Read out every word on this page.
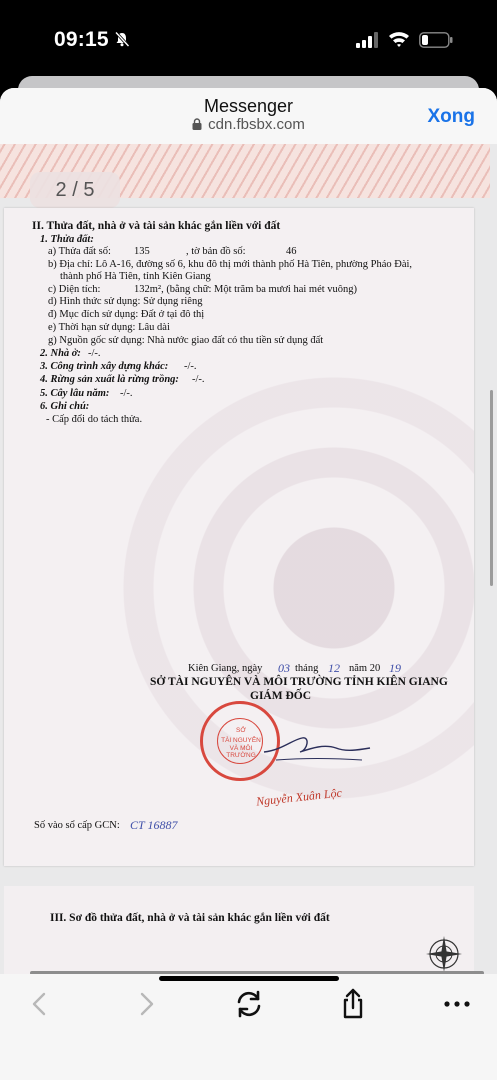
09:15
Messenger
cdn.fbsbx.com	Xong
2 / 5
II. Thửa đất, nhà ở và tài sản khác gắn liền với đất
1. Thửa đất:
a) Thửa đất số: 135	, tờ bản đồ số:	46
b) Địa chỉ: Lô A-16, đường số 6, khu đô thị mới thành phố Hà Tiên, phường Pháo Đài,
thành phố Hà Tiên, tỉnh Kiên Giang
c) Diện tích:	132m², (bằng chữ: Một trăm ba mươi hai mét vuông)
d) Hình thức sử dụng: Sử dụng riêng
đ) Mục đích sử dụng: Đất ở tại đô thị
e) Thời hạn sử dụng: Lâu dài
g) Nguồn gốc sử dụng: Nhà nước giao đất có thu tiền sử dụng đất
2. Nhà ở: -/-.
3. Công trình xây dựng khác: -/-.
4. Rừng sản xuất là rừng trồng: -/-.
5. Cây lâu năm: -/-.
6. Ghi chú:
- Cấp đổi do tách thửa.
Kiên Giang, ngày 03 tháng 12 năm 20 19
SỞ TÀI NGUYÊN VÀ MÔI TRƯỜNG TỈNH KIÊN GIANG
GIÁM ĐỐC
SỞ
TÀI NGUYÊN
VÀ MÔI TRƯỜNG
Nguyễn Xuân Lộc
Số vào sổ cấp GCN: CT 16887
III. Sơ đồ thửa đất, nhà ở và tài sản khác gắn liền với đất
